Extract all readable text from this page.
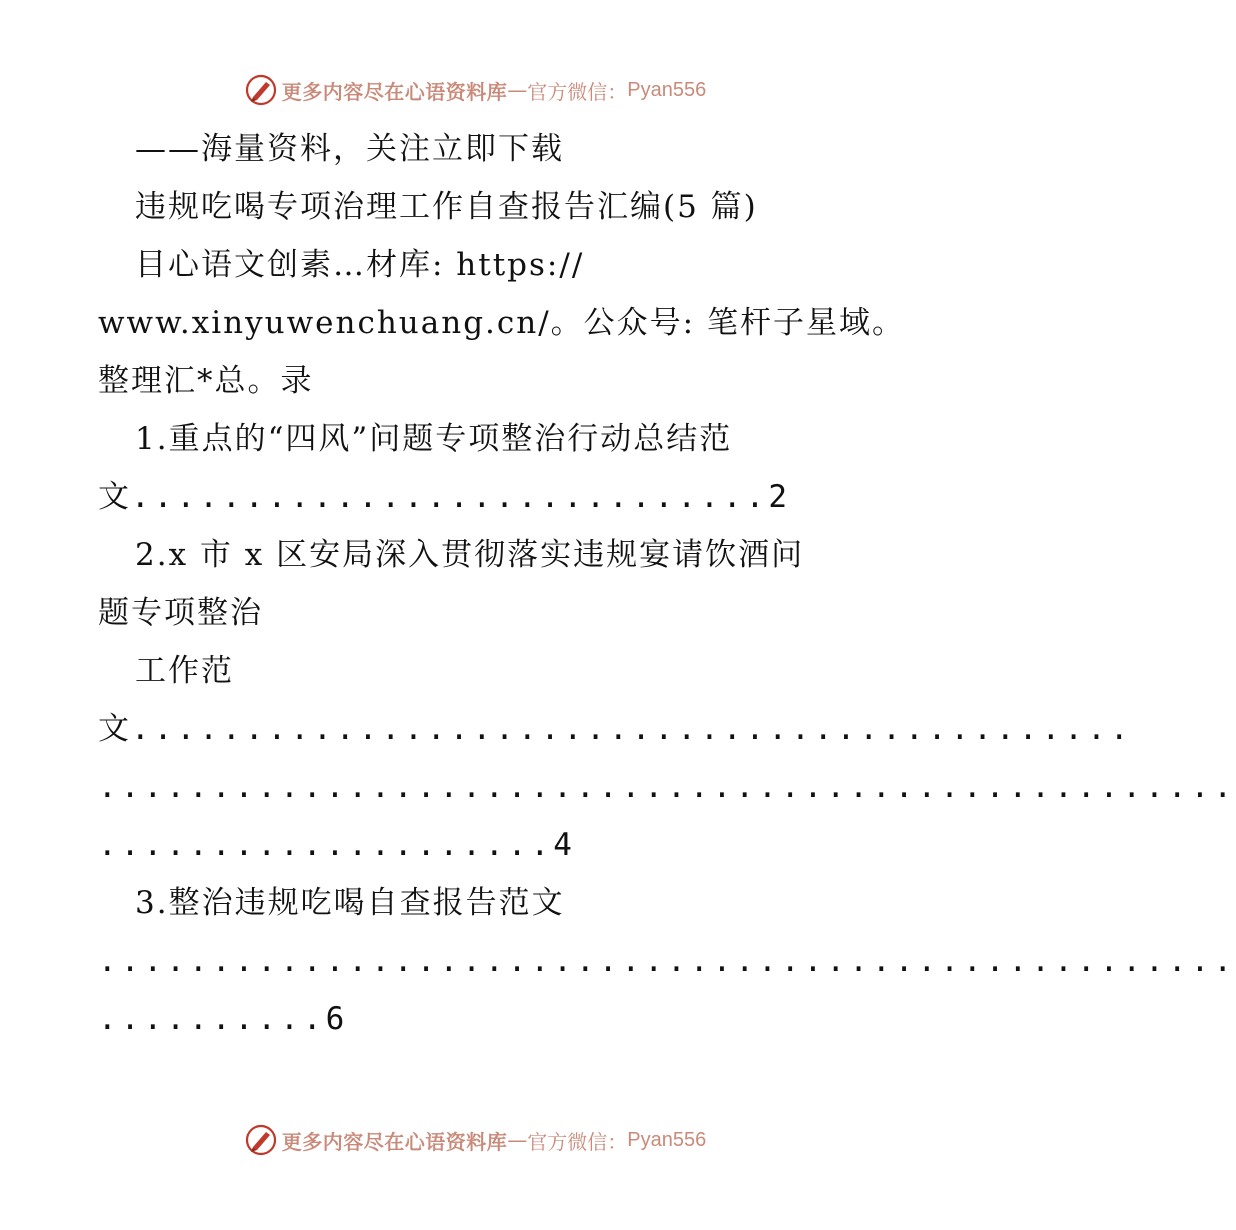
更多内容尽在心语资料库 — 官方微信： Pyan556
——海量资料，关注立即下载
违规吃喝专项治理工作自查报告汇编(5 篇)
目心语文创素…材库: https://
www.xinyuwenchuang.cn/。公众号: 笔杆子星域。
整理汇*总。录
1.重点的“四风”问题专项整治行动总结范
文............................2
2.x 市 x 区安局深入贯彻落实违规宴请饮酒问
题专项整治
工作范
文............................................
..................................................
....................4
3.整治违规吃喝自查报告范文
..................................................
..........6
更多内容尽在心语资料库 — 官方微信： Pyan556
